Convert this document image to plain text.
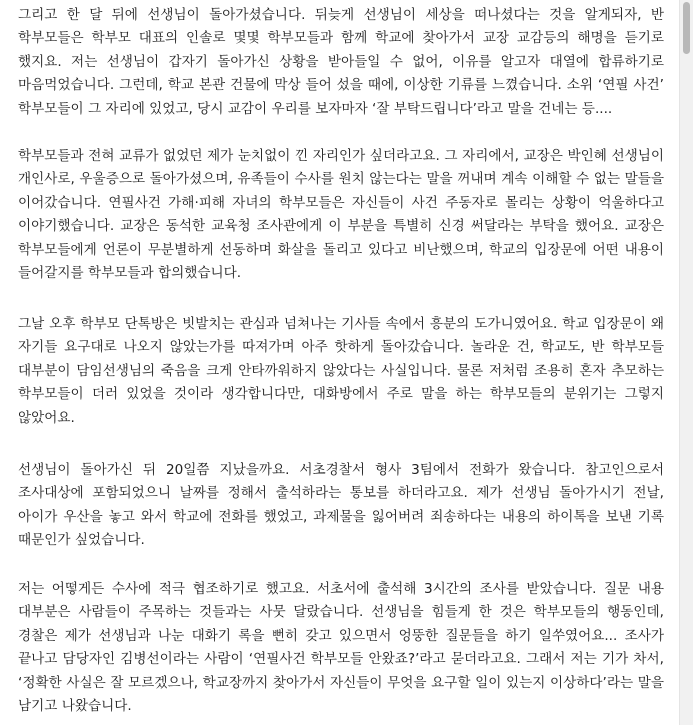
그리고 한 달 뒤에 선생님이 돌아가셨습니다. 뒤늦게 선생님이 세상을 떠나셨다는 것을 알게되자, 반 학부모들은 학부모 대표의 인솔로 몇몇 학부모들과 함께 학교에 찾아가서 교장 교감등의 해명을 듣기로 했지요. 저는 선생님이 갑자기 돌아가신 상황을 받아들일 수 없어, 이유를 알고자 대열에 합류하기로 마음먹었습니다. 그런데, 학교 본관 건물에 막상 들어 섰을 때에, 이상한 기류를 느꼈습니다. 소위 ‘연필 사건’ 학부모들이 그 자리에 있었고, 당시 교감이 우리를 보자마자 ‘잘 부탁드립니다’라고 말을 건네는 등....

학부모들과 전혀 교류가 없었던 제가 눈치없이 낀 자리인가 싶더라고요. 그 자리에서, 교장은 박인혜 선생님이 개인사로, 우울증으로 돌아가셨으며, 유족들이 수사를 원치 않는다는 말을 꺼내며 계속 이해할 수 없는 말들을 이어갔습니다. 연필사건 가해·피해 자녀의 학부모들은 자신들이 사건 주동자로 몰리는 상황이 억울하다고 이야기했습니다. 교장은 동석한 교육청 조사관에게 이 부분을 특별히 신경 써달라는 부탁을 했어요. 교장은 학부모들에게 언론이 무분별하게 선동하며 화살을 돌리고 있다고 비난했으며, 학교의 입장문에 어떤 내용이 들어갈지를 학부모들과 합의했습니다.

그날 오후 학부모 단톡방은 빗발치는 관심과 넘쳐나는 기사들 속에서 흥분의 도가니였어요. 학교 입장문이 왜 자기들 요구대로 나오지 않았는가를 따져가며 아주 핫하게 돌아갔습니다. 놀라운 건, 학교도, 반 학부모들 대부분이 담임선생님의 죽음을 크게 안타까워하지 않았다는 사실입니다. 물론 저처럼 조용히 혼자 추모하는 학부모들이 더러 있었을 것이라 생각합니다만, 대화방에서 주로 말을 하는 학부모들의 분위기는 그렇지 않았어요.

선생님이 돌아가신 뒤 20일쯤 지났을까요. 서초경찰서 형사 3팀에서 전화가 왔습니다. 참고인으로서 조사대상에 포함되었으니 날짜를 정해서 출석하라는 통보를 하더라고요. 제가 선생님 돌아가시기 전날, 아이가 우산을 놓고 와서 학교에 전화를 했었고, 과제물을 잃어버려 죄송하다는 내용의 하이톡을 보낸 기록 때문인가 싶었습니다.

저는 어떻게든 수사에 적극 협조하기로 했고요. 서초서에 출석해 3시간의 조사를 받았습니다. 질문 내용 대부분은 사람들이 주목하는 것들과는 사뭇 달랐습니다. 선생님을 힘들게 한 것은 학부모들의 행동인데, 경찰은 제가 선생님과 나눈 대화기 록을 뻔히 갖고 있으면서 엉뚱한 질문들을 하기 일쑤였어요... 조사가 끝나고 담당자인 김병선이라는 사람이 ‘연필사건 학부모들 안왔죠?’라고 묻더라고요. 그래서 저는 기가 차서, ‘정확한 사실은 잘 모르겠으나, 학교장까지 찾아가서 자신들이 무엇을 요구할 일이 있는지 이상하다’라는 말을 남기고 나왔습니다.
